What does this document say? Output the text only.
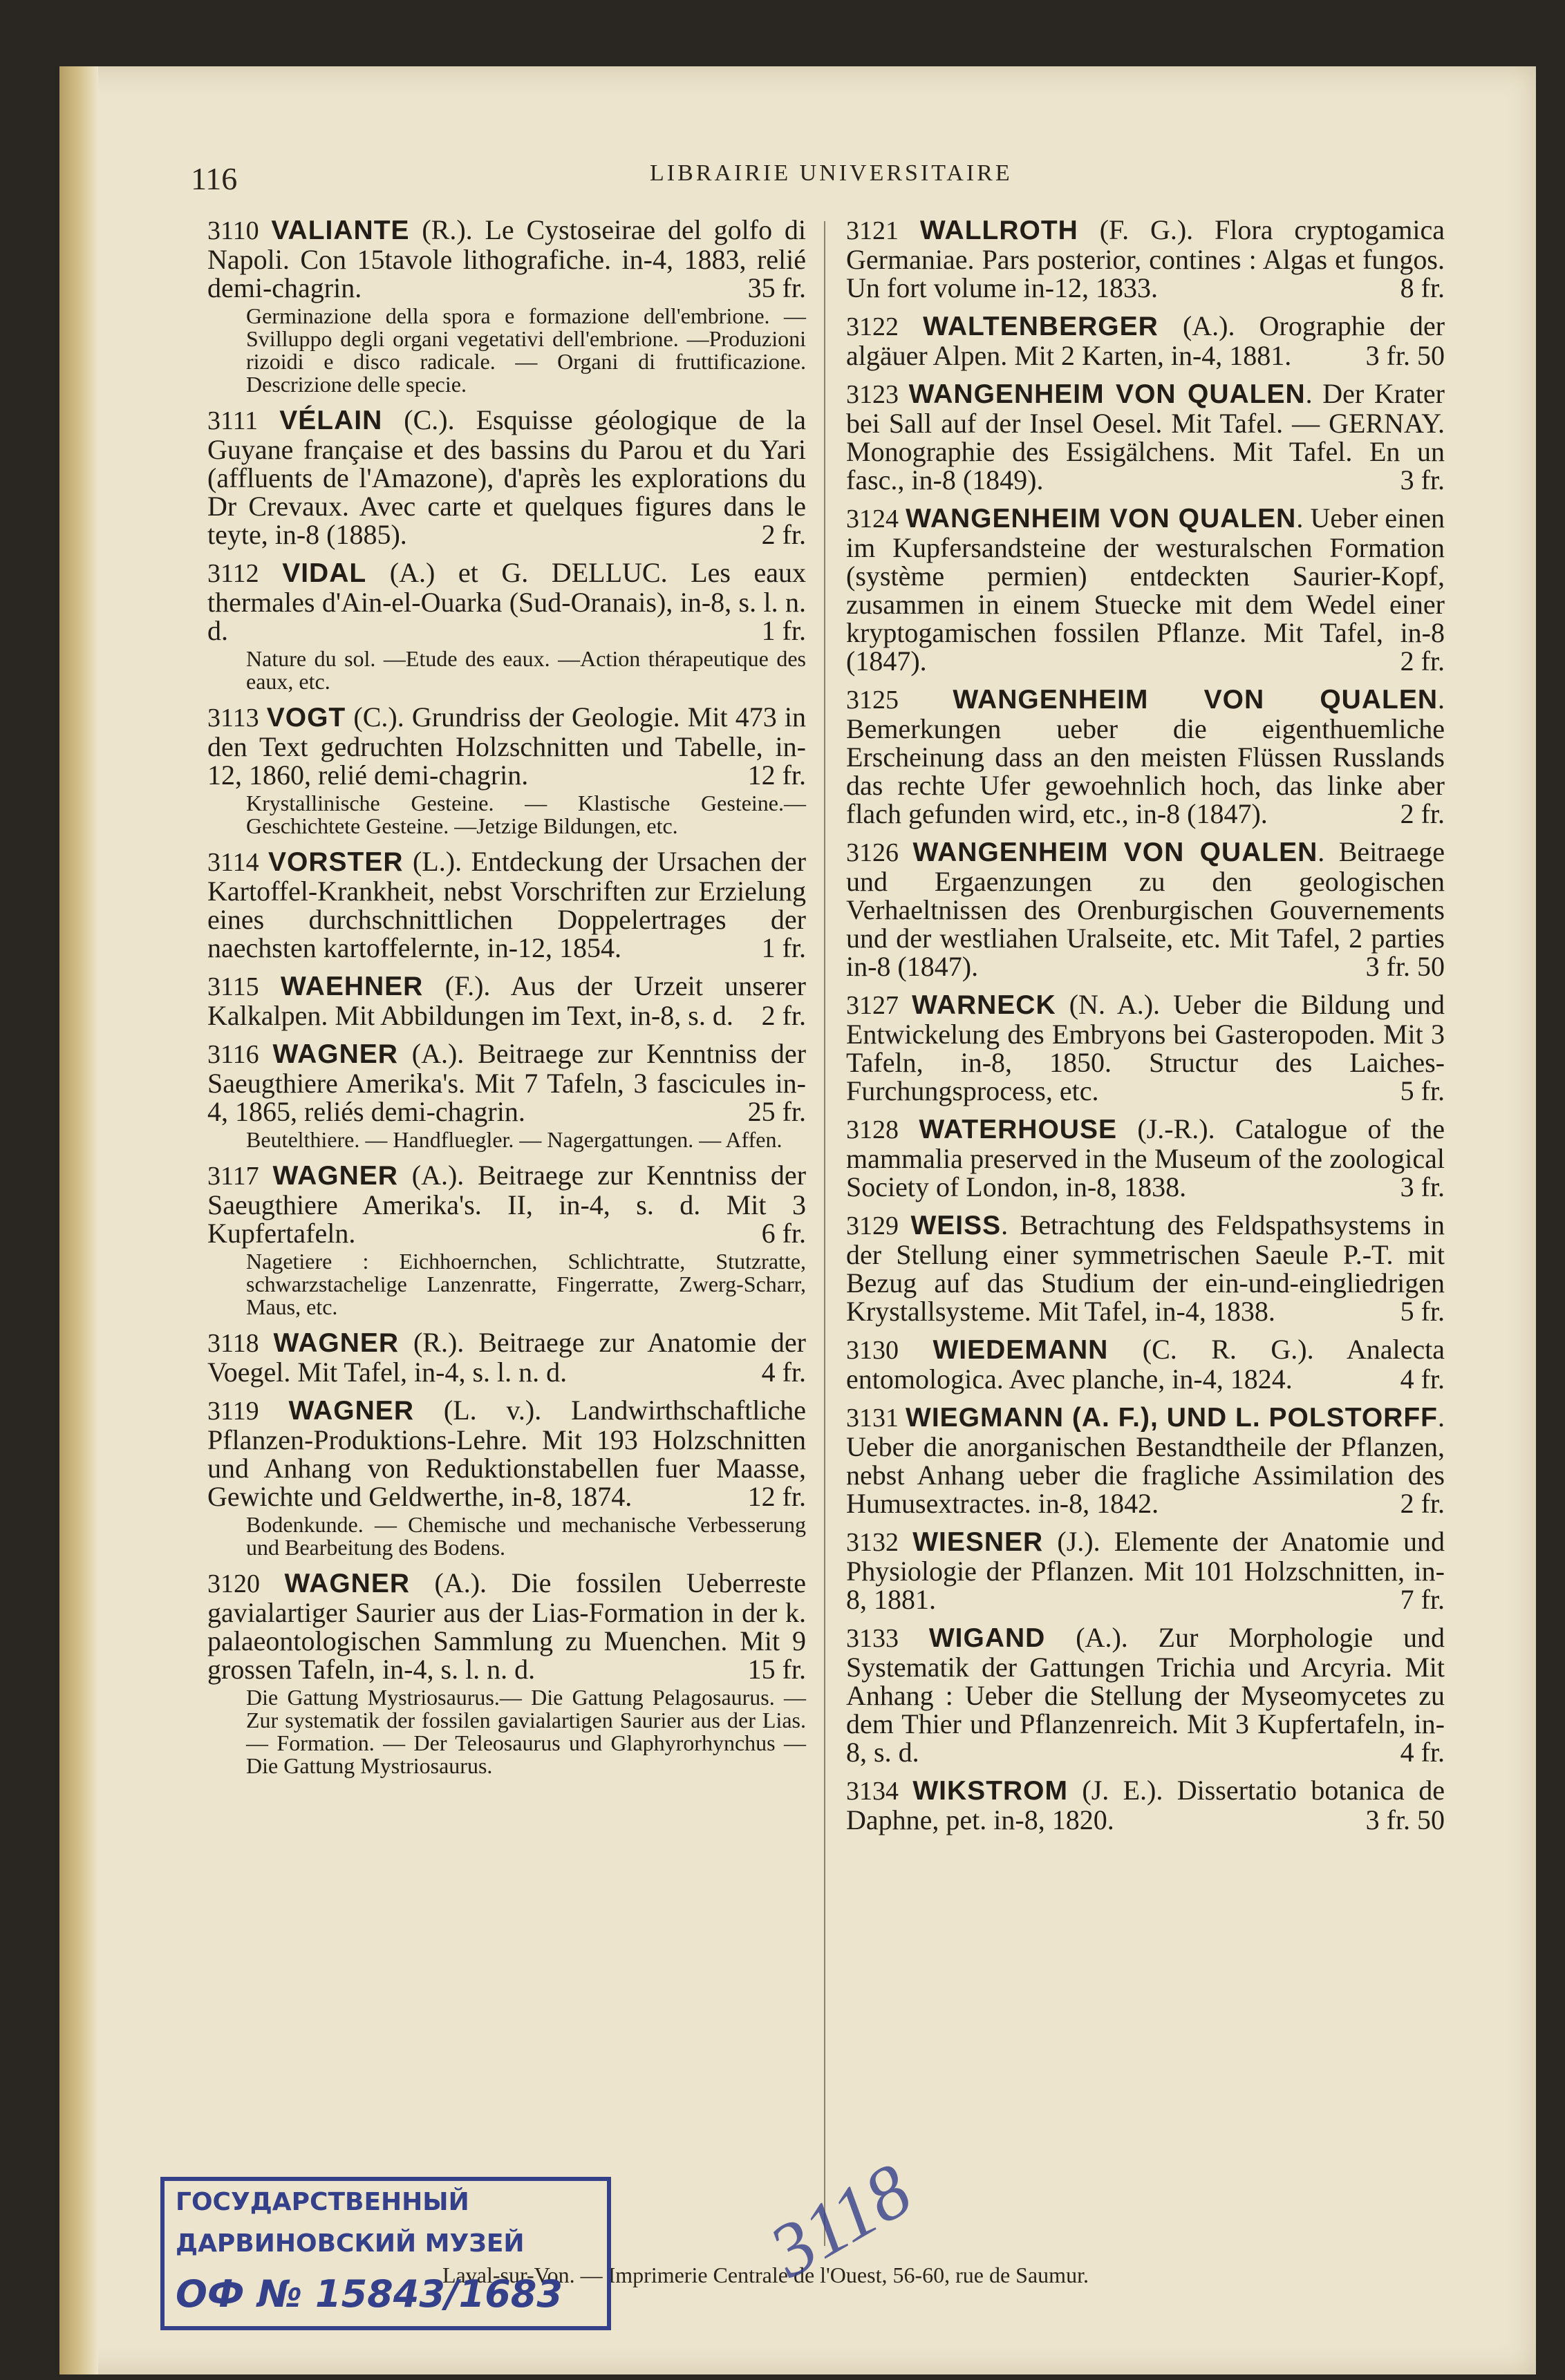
116	LIBRAIRIE UNIVERSITAIRE
3110 VALIANTE (R.). Le Cystoseirae del golfo di Napoli. Con 15tavole lithografiche. in-4, 1883, relié demi-chagrin.	35 fr.
Germinazione della spora e formazione dell'embrione. — Svilluppo degli organi vegetativi dell'embrione. —Produzioni rizoidi e disco radicale. — Organi di fruttificazione. Descrizione delle specie.
3111 VÉLAIN (C.). Esquisse géologique de la Guyane française et des bassins du Parou et du Yari (affluents de l'Amazone), d'après les explorations du Dr Crevaux. Avec carte et quelques figures dans le teyte, in-8 (1885).	2 fr.
3112 VIDAL (A.) et G. DELLUC. Les eaux thermales d'Ain-el-Ouarka (Sud-Oranais), in-8, s. l. n. d.	1 fr.
Nature du sol. —Etude des eaux. —Action thérapeutique des eaux, etc.
3113 VOGT (C.). Grundriss der Geologie. Mit 473 in den Text gedruchten Holzschnitten und Tabelle, in-12, 1860, relié demi-chagrin.	12 fr.
Krystallinische Gesteine. — Klastische Gesteine.— Geschichtete Gesteine. —Jetzige Bildungen, etc.
3114 VORSTER (L.). Entdeckung der Ursachen der Kartoffel-Krankheit, nebst Vorschriften zur Erzielung eines durchschnittlichen Doppelertrages der naechsten kartoffelernte, in-12, 1854.	1 fr.
3115 WAEHNER (F.). Aus der Urzeit unserer Kalkalpen. Mit Abbildungen im Text, in-8, s. d. 2 fr.
3116 WAGNER (A.). Beitraege zur Kenntniss der Saeugthiere Amerika's. Mit 7 Tafeln, 3 fascicules in-4, 1865, reliés demi-chagrin.	25 fr.
Beutelthiere. — Handfluegler. — Nagergattungen. — Affen.
3117 WAGNER (A.). Beitraege zur Kenntniss der Saeugthiere Amerika's. II, in-4, s. d. Mit 3 Kupfertafeln.	6 fr.
Nagetiere : Eichhoernchen, Schlichtratte, Stutzratte, schwarzstachelige Lanzenratte, Fingerratte, Zwerg-Scharr, Maus, etc.
3118 WAGNER (R.). Beitraege zur Anatomie der Voegel. Mit Tafel, in-4, s. l. n. d.	4 fr.
3119 WAGNER (L. v.). Landwirthschaftliche Pflanzen-Produktions-Lehre. Mit 193 Holzschnitten und Anhang von Reduktionstabellen fuer Maasse, Gewichte und Geldwerthe, in-8, 1874.	12 fr.
Bodenkunde. — Chemische und mechanische Verbesserung und Bearbeitung des Bodens.
3120 WAGNER (A.). Die fossilen Ueberreste gavialartiger Saurier aus der Lias-Formation in der k. palaeontologischen Sammlung zu Muenchen. Mit 9 grossen Tafeln, in-4, s. l. n. d.	15 fr.
Die Gattung Mystriosaurus.— Die Gattung Pelagosaurus. — Zur systematik der fossilen gavialartigen Saurier aus der Lias. — Formation. — Der Teleosaurus und Glaphyrorhynchus — Die Gattung Mystriosaurus.
3121 WALLROTH (F. G.). Flora cryptogamica Germaniae. Pars posterior, contines : Algas et fungos. Un fort volume in-12, 1833.	8 fr.
3122 WALTENBERGER (A.). Orographie der algäuer Alpen. Mit 2 Karten, in-4, 1881.	3 fr. 50
3123 WANGENHEIM VON QUALEN. Der Krater bei Sall auf der Insel Oesel. Mit Tafel. — GERNAY. Monographie des Essigälchens. Mit Tafel. En un fasc., in-8 (1849).	3 fr.
3124 WANGENHEIM VON QUALEN. Ueber einen im Kupfersandsteine der westuralschen Formation (système permien) entdeckten Saurier-Kopf, zusammen in einem Stuecke mit dem Wedel einer kryptogamischen fossilen Pflanze. Mit Tafel, in-8 (1847).	2 fr.
3125 WANGENHEIM VON QUALEN. Bemerkungen ueber die eigenthuemliche Erscheinung dass an den meisten Flüssen Russlands das rechte Ufer gewoehnlich hoch, das linke aber flach gefunden wird, etc., in-8 (1847).	2 fr.
3126 WANGENHEIM VON QUALEN. Beitraege und Ergaenzungen zu den geologischen Verhaeltnissen des Orenburgischen Gouvernements und der westliahen Uralseite, etc. Mit Tafel, 2 parties in-8 (1847).	3 fr. 50
3127 WARNECK (N. A.). Ueber die Bildung und Entwickelung des Embryons bei Gasteropoden. Mit 3 Tafeln, in-8, 1850. Structur des Laiches-Furchungsprocess, etc.	5 fr.
3128 WATERHOUSE (J.-R.). Catalogue of the mammalia preserved in the Museum of the zoological Society of London, in-8, 1838.	3 fr.
3129 WEISS. Betrachtung des Feldspathsystems in der Stellung einer symmetrischen Saeule P.-T. mit Bezug auf das Studium der ein-und-eingliedrigen Krystallsysteme. Mit Tafel, in-4, 1838.	5 fr.
3130 WIEDEMANN (C. R. G.). Analecta entomologica. Avec planche, in-4, 1824.	4 fr.
3131 WIEGMANN (A. F.), UND L. POLSTORFF. Ueber die anorganischen Bestandtheile der Pflanzen, nebst Anhang ueber die fragliche Assimilation des Humusextractes. in-8, 1842.	2 fr.
3132 WIESNER (J.). Elemente der Anatomie und Physiologie der Pflanzen. Mit 101 Holzschnitten, in-8, 1881.	7 fr.
3133 WIGAND (A.). Zur Morphologie und Systematik der Gattungen Trichia und Arcyria. Mit Anhang : Ueber die Stellung der Myseomycetes zu dem Thier und Pflanzenreich. Mit 3 Kupfertafeln, in-8, s. d.	4 fr.
3134 WIKSTROM (J. E.). Dissertatio botanica de Daphne, pet. in-8, 1820.	3 fr. 50
Laval-sur-Von. — Imprimerie Centrale de l'Ouest, 56-60, rue de Saumur.
ГОСУДАРСТВЕННЫЙ
ДАРВИНОВСКИЙ МУЗЕЙ
ОФ № 15843/1683
3118
